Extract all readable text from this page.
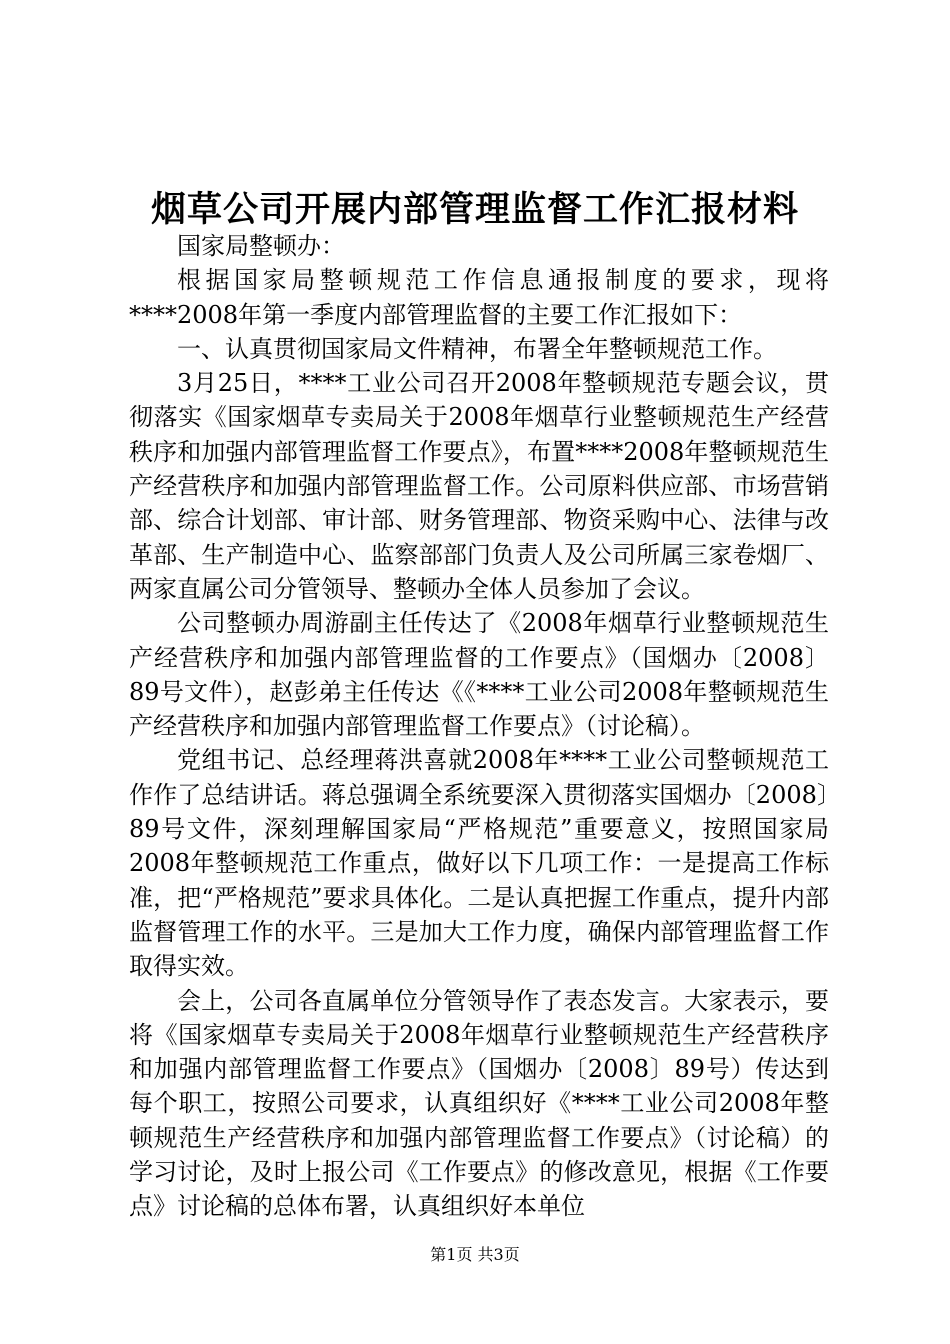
烟草公司开展内部管理监督工作汇报材料

国家局整顿办：

根据国家局整顿规范工作信息通报制度的要求，现将****2008年第一季度内部管理监督的主要工作汇报如下：

一、认真贯彻国家局文件精神，布署全年整顿规范工作。

3月25日，****工业公司召开2008年整顿规范专题会议，贯彻落实《国家烟草专卖局关于2008年烟草行业整顿规范生产经营秩序和加强内部管理监督工作要点》，布置****2008年整顿规范生产经营秩序和加强内部管理监督工作。公司原料供应部、市场营销部、综合计划部、审计部、财务管理部、物资采购中心、法律与改革部、生产制造中心、监察部部门负责人及公司所属三家卷烟厂、两家直属公司分管领导、整顿办全体人员参加了会议。

公司整顿办周游副主任传达了《2008年烟草行业整顿规范生产经营秩序和加强内部管理监督的工作要点》（国烟办〔2008〕89号文件），赵彭弟主任传达《《****工业公司2008年整顿规范生产经营秩序和加强内部管理监督工作要点》（讨论稿）。

党组书记、总经理蒋洪喜就2008年****工业公司整顿规范工作作了总结讲话。蒋总强调全系统要深入贯彻落实国烟办〔2008〕89号文件，深刻理解国家局“严格规范”重要意义，按照国家局2008年整顿规范工作重点，做好以下几项工作：一是提高工作标准，把“严格规范”要求具体化。二是认真把握工作重点，提升内部监督管理工作的水平。三是加大工作力度，确保内部管理监督工作取得实效。

会上，公司各直属单位分管领导作了表态发言。大家表示，要将《国家烟草专卖局关于2008年烟草行业整顿规范生产经营秩序和加强内部管理监督工作要点》（国烟办〔2008〕89号）传达到每个职工，按照公司要求，认真组织好《****工业公司2008年整顿规范生产经营秩序和加强内部管理监督工作要点》（讨论稿）的学习讨论，及时上报公司《工作要点》的修改意见，根据《工作要点》讨论稿的总体布署，认真组织好本单位

第1页 共3页
